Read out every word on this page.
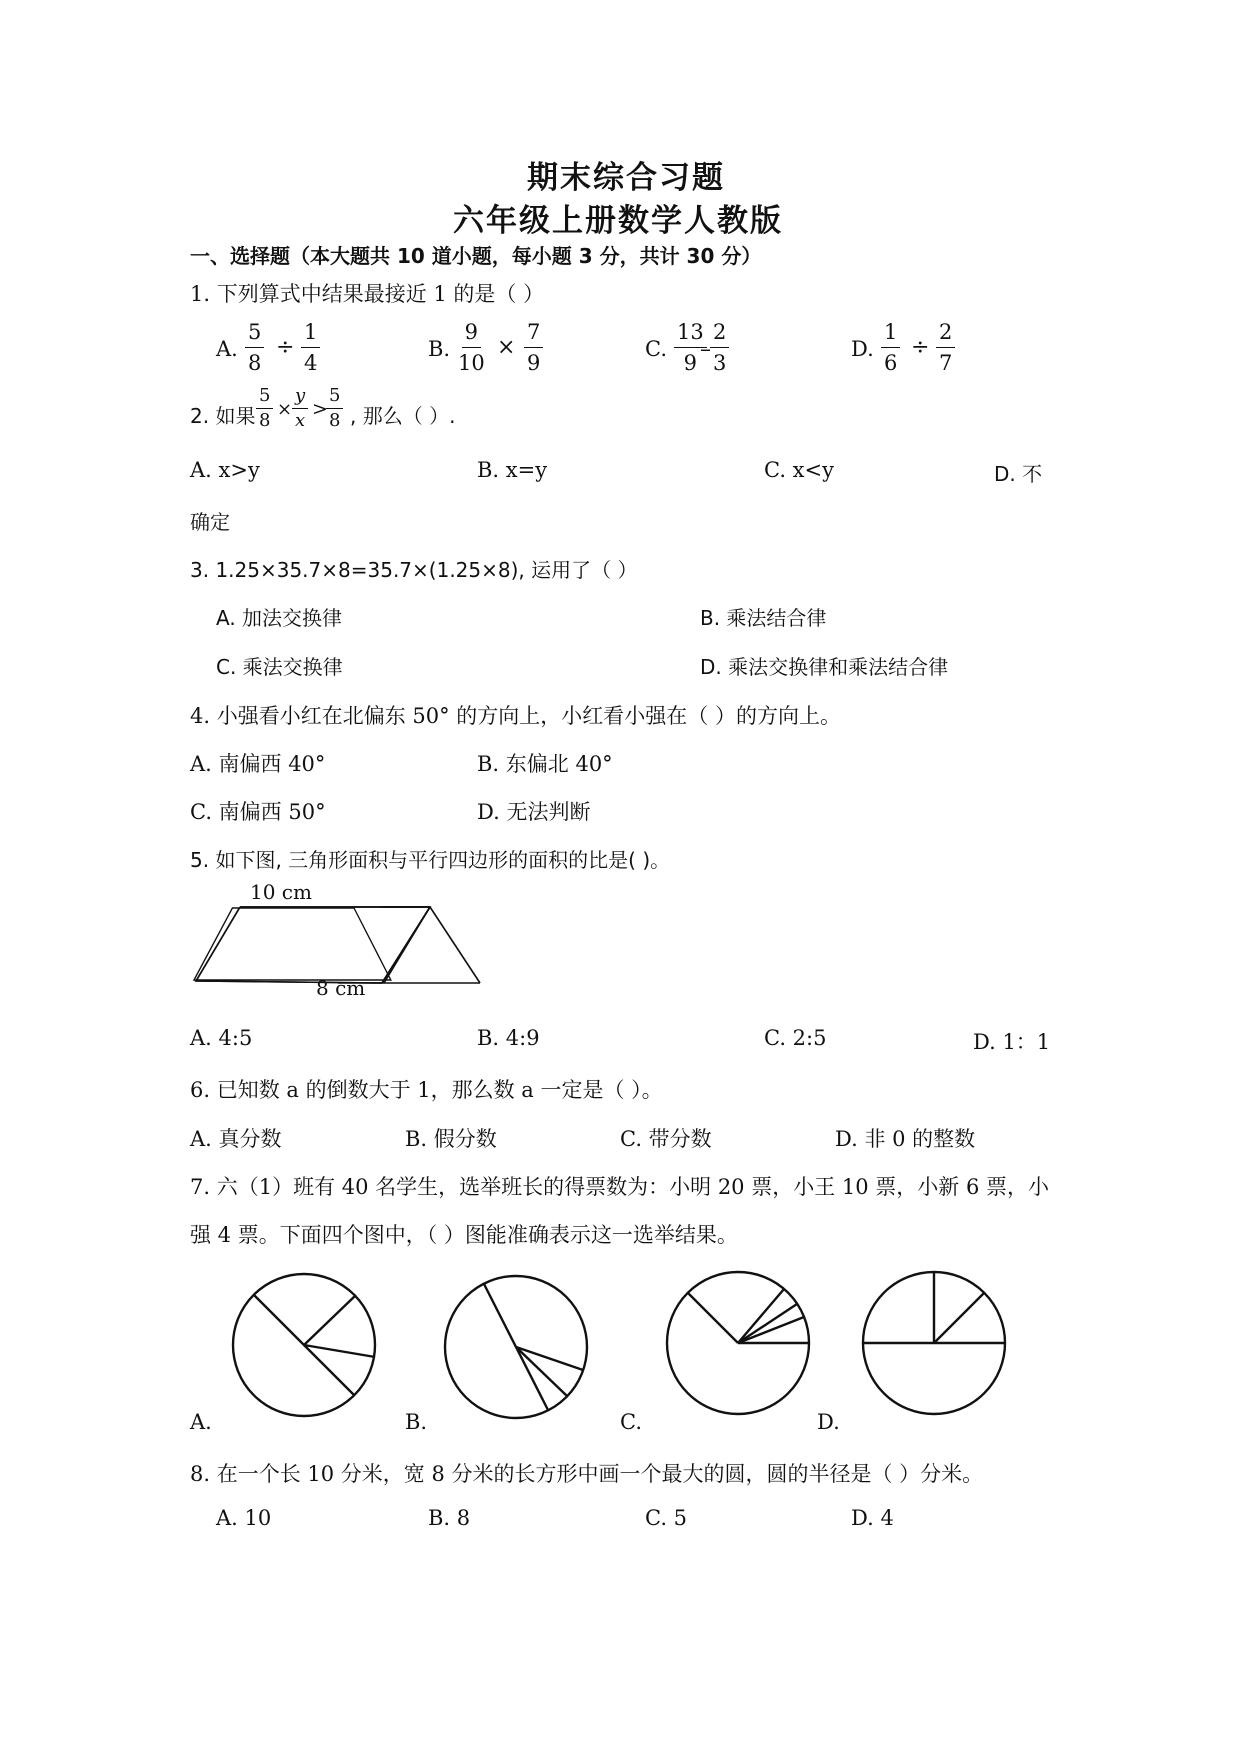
期末综合习题
六年级上册数学人教版
一、选择题（本大题共 10 道小题，每小题 3 分，共计 30 分）
1. 下列算式中结果最接近 1 的是（ ）
A. $\frac{5}{8} \div \frac{1}{4}$	B. $\frac{9}{10} \times \frac{7}{9}$	C. $\frac{13}{9}$
– $\frac{2}{3}$	D. $\frac{1}{6} \div \frac{2}{7}$
2. 如果 $\frac{5}{8} \times \frac{y}{x}$ >
$\frac{5}{8}$ , 那么（ ）.
A. x>y	B. x=y	C. x<y	D. 不
确定
3. 1.25×35.7×8=35.7×(1.25×8), 运用了（ ）
A. 加法交换律	B. 乘法结合律
C. 乘法交换律	D. 乘法交换律和乘法结合律
4. 小强看小红在北偏东 50° 的方向上，小红看小强在（ ）的方向上。
A. 南偏西 40°	B. 东偏北 40°
C. 南偏西 50°	D. 无法判断
5. 如下图, 三角形面积与平行四边形的面积的比是( )。
10 cm
8 cm
A. 4:5	B. 4:9	C. 2:5	D. 1：1
6. 已知数 a 的倒数大于 1，那么数 a 一定是（ ）。
A. 真分数	B. 假分数	C. 带分数	D. 非 0 的整数
7. 六（1）班有 40 名学生，选举班长的得票数为：小明 20 票，小王 10 票，小新 6 票，小
强 4 票。下面四个图中，（ ）图能准确表示这一选举结果。
A.	B.	C.	D.
8. 在一个长 10 分米，宽 8 分米的长方形中画一个最大的圆，圆的半径是（ ）分米。
A. 10	B. 8	C. 5	D. 4
